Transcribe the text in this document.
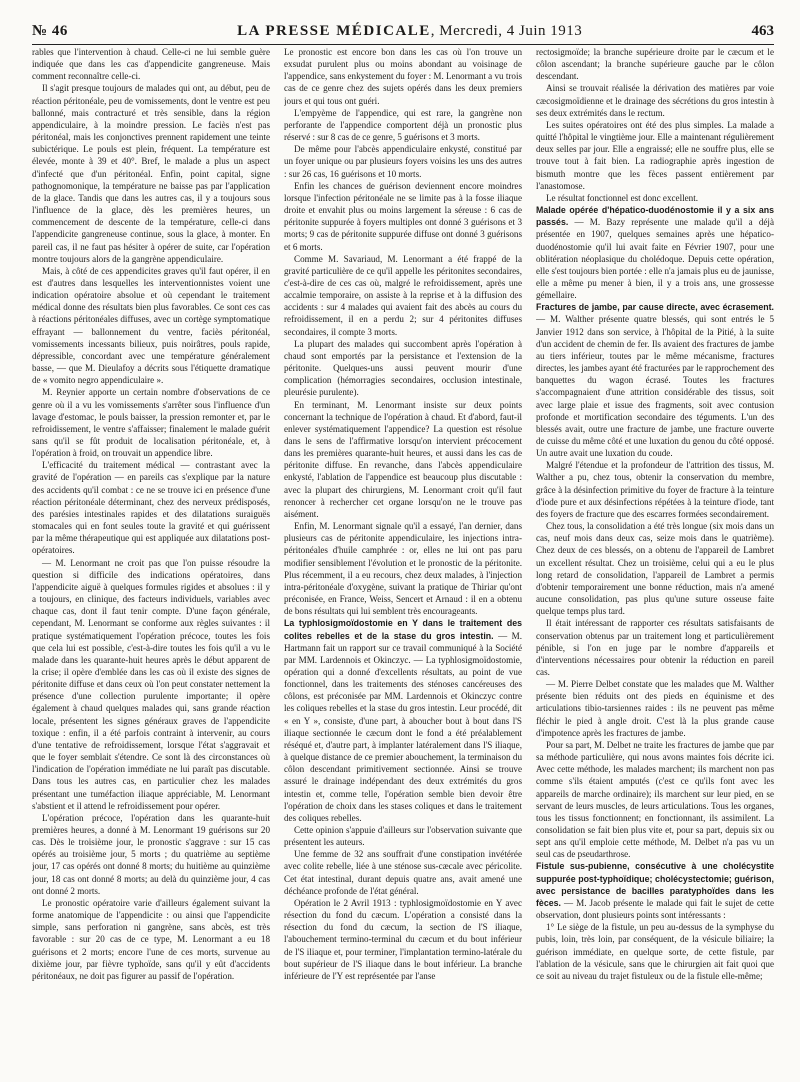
№ 46	LA PRESSE MÉDICALE, Mercredi, 4 Juin 1913	463

rables que l'intervention à chaud. Celle-ci ne lui semble guère indiquée que dans les cas d'appendicite gangreneuse. Mais comment reconnaître celle-ci.

Il s'agit presque toujours de malades qui ont, au début, peu de réaction péritonéale, peu de vomissements, dont le ventre est peu ballonné, mais contracturé et très sensible, dans la région appendiculaire, à la moindre pression. Le faciès n'est pas péritonéal, mais les conjonctives prennent rapidement une teinte subictérique. Le pouls est plein, fréquent. La température est élevée, monte à 39 et 40°. Bref, le malade a plus un aspect d'infecté que d'un péritonéal. Enfin, point capital, signe pathognomonique, la température ne baisse pas par l'application de la glace. Tandis que dans les autres cas, il y a toujours sous l'influence de la glace, dès les premières heures, un commencement de descente de la température, celle-ci dans l'appendicite gangreneuse continue, sous la glace, à monter. En pareil cas, il ne faut pas hésiter à opérer de suite, car l'opération montre toujours alors de la gangrène appendiculaire.

Mais, à côté de ces appendicites graves qu'il faut opérer, il en est d'autres dans lesquelles les interventionnistes voient une indication opératoire absolue et où cependant le traitement médical donne des résultats bien plus favorables. Ce sont ces cas à réactions péritonéales diffuses, avec un cortège symptomatique effrayant — ballonnement du ventre, faciès péritonéal, vomissements incessants bilieux, puis noirâtres, pouls rapide, dépressible, concordant avec une température généralement basse, — que M. Dieulafoy a décrits sous l'étiquette dramatique de « vomito negro appendiculaire ».

M. Reynier apporte un certain nombre d'observations de ce genre où il a vu les vomissements s'arrêter sous l'influence d'un lavage d'estomac, le pouls baisser, la pression remonter et, par le refroidissement, le ventre s'affaisser; finalement le malade guérit sans qu'il se fût produit de localisation péritonéale, et, à l'opération à froid, on trouvait un appendice libre.

L'efficacité du traitement médical — contrastant avec la gravité de l'opération — en pareils cas s'explique par la nature des accidents qu'il combat : ce ne se trouve ici en présence d'une réaction péritonéale déterminant, chez des nerveux prédisposés, des parésies intestinales rapides et des dilatations suraiguës stomacales qui en font seules toute la gravité et qui guérissent par la même thérapeutique qui est appliquée aux dilatations post-opératoires.

— M. Lenormant ne croit pas que l'on puisse résoudre la question si difficile des indications opératoires, dans l'appendicite aiguë à quelques formules rigides et absolues : il y a toujours, en clinique, des facteurs individuels, variables avec chaque cas, dont il faut tenir compte. D'une façon générale, cependant, M. Lenormant se conforme aux règles suivantes : il pratique systématiquement l'opération précoce, toutes les fois que cela lui est possible, c'est-à-dire toutes les fois qu'il a vu le malade dans les quarante-huit heures après le début apparent de la crise; il opère d'emblée dans les cas où il existe des signes de péritonite diffuse et dans ceux où l'on peut constater nettement la présence d'une collection purulente importante; il opère également à chaud quelques malades qui, sans grande réaction locale, présentent les signes généraux graves de l'appendicite toxique : enfin, il a été parfois contraint à intervenir, au cours d'une tentative de refroidissement, lorsque l'état s'aggravait et que le foyer semblait s'étendre. Ce sont là des circonstances où l'indication de l'opération immédiate ne lui paraît pas discutable. Dans tous les autres cas, en particulier chez les malades présentant une tuméfaction iliaque appréciable, M. Lenormant s'abstient et il attend le refroidissement pour opérer.

L'opération précoce, l'opération dans les quarante-huit premières heures, a donné à M. Lenormant 19 guérisons sur 20 cas. Dès le troisième jour, le pronostic s'aggrave : sur 15 cas opérés au troisième jour, 5 morts ; du quatrième au septième jour, 17 cas opérés ont donné 8 morts; du huitième au quinzième jour, 18 cas ont donné 8 morts; au delà du quinzième jour, 4 cas ont donné 2 morts.

Le pronostic opératoire varie d'ailleurs également suivant la forme anatomique de l'appendicite : ou ainsi que l'appendicite simple, sans perforation ni gangrène, sans abcès, est très favorable : sur 20 cas de ce type, M. Lenormant a eu 18 guérisons et 2 morts; encore l'une de ces morts, survenue au dixième jour, par fièvre typhoïde, sans qu'il y eût d'accidents péritonéaux, ne doit pas figurer au passif de l'opération.

Le pronostic est encore bon dans les cas où l'on trouve un exsudat purulent plus ou moins abondant au voisinage de l'appendice, sans enkystement du foyer : M. Lenormant a vu trois cas de ce genre chez des sujets opérés dans les deux premiers jours et qui tous ont guéri.

L'empyème de l'appendice, qui est rare, la gangrène non perforante de l'appendice comportent déjà un pronostic plus réservé : sur 8 cas de ce genre, 5 guérisons et 3 morts.

De même pour l'abcès appendiculaire enkysté, constitué par un foyer unique ou par plusieurs foyers voisins les uns des autres : sur 26 cas, 16 guérisons et 10 morts.

Enfin les chances de guérison deviennent encore moindres lorsque l'infection péritonéale ne se limite pas à la fosse iliaque droite et envahit plus ou moins largement la séreuse : 6 cas de péritonite suppurée à foyers multiples ont donné 3 guérisons et 3 morts; 9 cas de péritonite suppurée diffuse ont donné 3 guérisons et 6 morts.

Comme M. Savariaud, M. Lenormant a été frappé de la gravité particulière de ce qu'il appelle les péritonites secondaires, c'est-à-dire de ces cas où, malgré le refroidissement, après une accalmie temporaire, on assiste à la reprise et à la diffusion des accidents : sur 4 malades qui avaient fait des abcès au cours du refroidissement, il en a perdu 2; sur 4 péritonites diffuses secondaires, il compte 3 morts.

La plupart des malades qui succombent après l'opération à chaud sont emportés par la persistance et l'extension de la péritonite. Quelques-uns aussi peuvent mourir d'une complication (hémorragies secondaires, occlusion intestinale, pleurésie purulente).

En terminant, M. Lenormant insiste sur deux points concernant la technique de l'opération à chaud. Et d'abord, faut-il enlever systématiquement l'appendice? La question est résolue dans le sens de l'affirmative lorsqu'on intervient précocement dans les premières quarante-huit heures, et aussi dans les cas de péritonite diffuse. En revanche, dans l'abcès appendiculaire enkysté, l'ablation de l'appendice est beaucoup plus discutable : avec la plupart des chirurgiens, M. Lenormant croit qu'il faut renoncer à rechercher cet organe lorsqu'on ne le trouve pas aisément.

Enfin, M. Lenormant signale qu'il a essayé, l'an dernier, dans plusieurs cas de péritonite appendiculaire, les injections intra-péritonéales d'huile camphrée : or, elles ne lui ont pas paru modifier sensiblement l'évolution et le pronostic de la péritonite. Plus récemment, il a eu recours, chez deux malades, à l'injection intra-péritonéale d'oxygène, suivant la pratique de Thiriar qu'ont préconisée, en France, Weiss, Sencert et Arnaud : il en a obtenu de bons résultats qui lui semblent très encourageants.

La typhlosigmoïdostomie en Y dans le traitement des colites rebelles et de la stase du gros intestin. — M. Hartmann fait un rapport sur ce travail communiqué à la Société par MM. Lardennois et Okinczyc. — La typhlosigmoïdostomie, opération qui a donné d'excellents résultats, au point de vue fonctionnel, dans les traitements des sténoses cancéreuses des côlons, est préconisée par MM. Lardennois et Okinczyc contre les coliques rebelles et la stase du gros intestin. Leur procédé, dit « en Y », consiste, d'une part, à aboucher bout à bout dans l'S iliaque sectionnée le cæcum dont le fond a été préalablement réséqué et, d'autre part, à implanter latéralement dans l'S iliaque, à quelque distance de ce premier abouchement, la terminaison du côlon descendant primitivement sectionnée. Ainsi se trouve assuré le drainage indépendant des deux extrémités du gros intestin et, comme telle, l'opération semble bien devoir être l'opération de choix dans les stases coliques et dans le traitement des coliques rebelles.

Cette opinion s'appuie d'ailleurs sur l'observation suivante que présentent les auteurs.

Une femme de 32 ans souffrait d'une constipation invétérée avec colite rebelle, liée à une sténose sus-cæcale avec péricolite. Cet état intestinal, durant depuis quatre ans, avait amené une déchéance profonde de l'état général.

Opération le 2 Avril 1913 : typhlosigmoïdostomie en Y avec résection du fond du cæcum. L'opération a consisté dans la résection du fond du cæcum, la section de l'S iliaque, l'abouchement termino-terminal du cæcum et du bout inférieur de l'S iliaque et, pour terminer, l'implantation termino-latérale du bout supérieur de l'S iliaque dans le bout inférieur. La branche inférieure de l'Y est représentée par l'anse

rectosigmoïde; la branche supérieure droite par le cæcum et le côlon ascendant; la branche supérieure gauche par le côlon descendant.

Ainsi se trouvait réalisée la dérivation des matières par voie cæcosigmoïdienne et le drainage des sécrétions du gros intestin à ses deux extrémités dans le rectum.

Les suites opératoires ont été des plus simples. La malade a quitté l'hôpital le vingtième jour. Elle a maintenant régulièrement deux selles par jour. Elle a engraissé; elle ne souffre plus, elle se trouve tout à fait bien. La radiographie après ingestion de bismuth montre que les fèces passent entièrement par l'anastomose.

Le résultat fonctionnel est donc excellent.

Malade opérée d'hépatico-duodénostomie il y a six ans passés. — M. Bazy représente une malade qu'il a déjà présentée en 1907, quelques semaines après une hépatico-duodénostomie qu'il lui avait faite en Février 1907, pour une oblitération néoplasique du cholédoque. Depuis cette opération, elle s'est toujours bien portée : elle n'a jamais plus eu de jaunisse, elle a même pu mener à bien, il y a trois ans, une grossesse gémellaire.

Fractures de jambe, par cause directe, avec écrasement. — M. Walther présente quatre blessés, qui sont entrés le 5 Janvier 1912 dans son service, à l'hôpital de la Pitié, à la suite d'un accident de chemin de fer. Ils avaient des fractures de jambe au tiers inférieur, toutes par le même mécanisme, fractures directes, les jambes ayant été fracturées par le rapprochement des banquettes du wagon écrasé. Toutes les fractures s'accompagnaient d'une attrition considérable des tissus, soit avec large plaie et issue des fragments, soit avec contusion profonde et mortification secondaire des téguments. L'un des blessés avait, outre une fracture de jambe, une fracture ouverte de cuisse du même côté et une luxation du genou du côté opposé. Un autre avait une luxation du coude.

Malgré l'étendue et la profondeur de l'attrition des tissus, M. Walther a pu, chez tous, obtenir la conservation du membre, grâce à la désinfection primitive du foyer de fracture à la teinture d'iode pure et aux désinfections répétées à la teinture d'iode, tant des foyers de fracture que des escarres formées secondairement.

Chez tous, la consolidation a été très longue (six mois dans un cas, neuf mois dans deux cas, seize mois dans le quatrième). Chez deux de ces blessés, on a obtenu de l'appareil de Lambret un excellent résultat. Chez un troisième, celui qui a eu le plus long retard de consolidation, l'appareil de Lambret a permis d'obtenir temporairement une bonne réduction, mais n'a amené aucune consolidation, pas plus qu'une suture osseuse faite quelque temps plus tard.

Il était intéressant de rapporter ces résultats satisfaisants de conservation obtenus par un traitement long et particulièrement pénible, si l'on en juge par le nombre d'appareils et d'interventions nécessaires pour obtenir la réduction en pareil cas.

— M. Pierre Delbet constate que les malades que M. Walther présente bien réduits ont des pieds en équinisme et des articulations tibio-tarsiennes raides : ils ne peuvent pas même fléchir le pied à angle droit. C'est là la plus grande cause d'impotence après les fractures de jambe.

Pour sa part, M. Delbet ne traite les fractures de jambe que par sa méthode particulière, qui nous avons maintes fois décrite ici. Avec cette méthode, les malades marchent; ils marchent non pas comme s'ils étaient amputés (c'est ce qu'ils font avec les appareils de marche ordinaire); ils marchent sur leur pied, en se servant de leurs muscles, de leurs articulations. Tous les organes, tous les tissus fonctionnent; en fonctionnant, ils assimilent. La consolidation se fait bien plus vite et, pour sa part, depuis six ou sept ans qu'il emploie cette méthode, M. Delbet n'a pas vu un seul cas de pseudarthrose.

Fistule sus-pubienne, consécutive à une cholécystite suppurée post-typhoïdique; cholécystectomie; guérison, avec persistance de bacilles paratyphoïdes dans les fèces. — M. Jacob présente le malade qui fait le sujet de cette observation, dont plusieurs points sont intéressants :

1° Le siège de la fistule, un peu au-dessus de la symphyse du pubis, loin, très loin, par conséquent, de la vésicule biliaire; la guérison immédiate, en quelque sorte, de cette fistule, par l'ablation de la vésicule, sans que le chirurgien ait fait quoi que ce soit au niveau du trajet fistuleux ou de la fistule elle-même;
